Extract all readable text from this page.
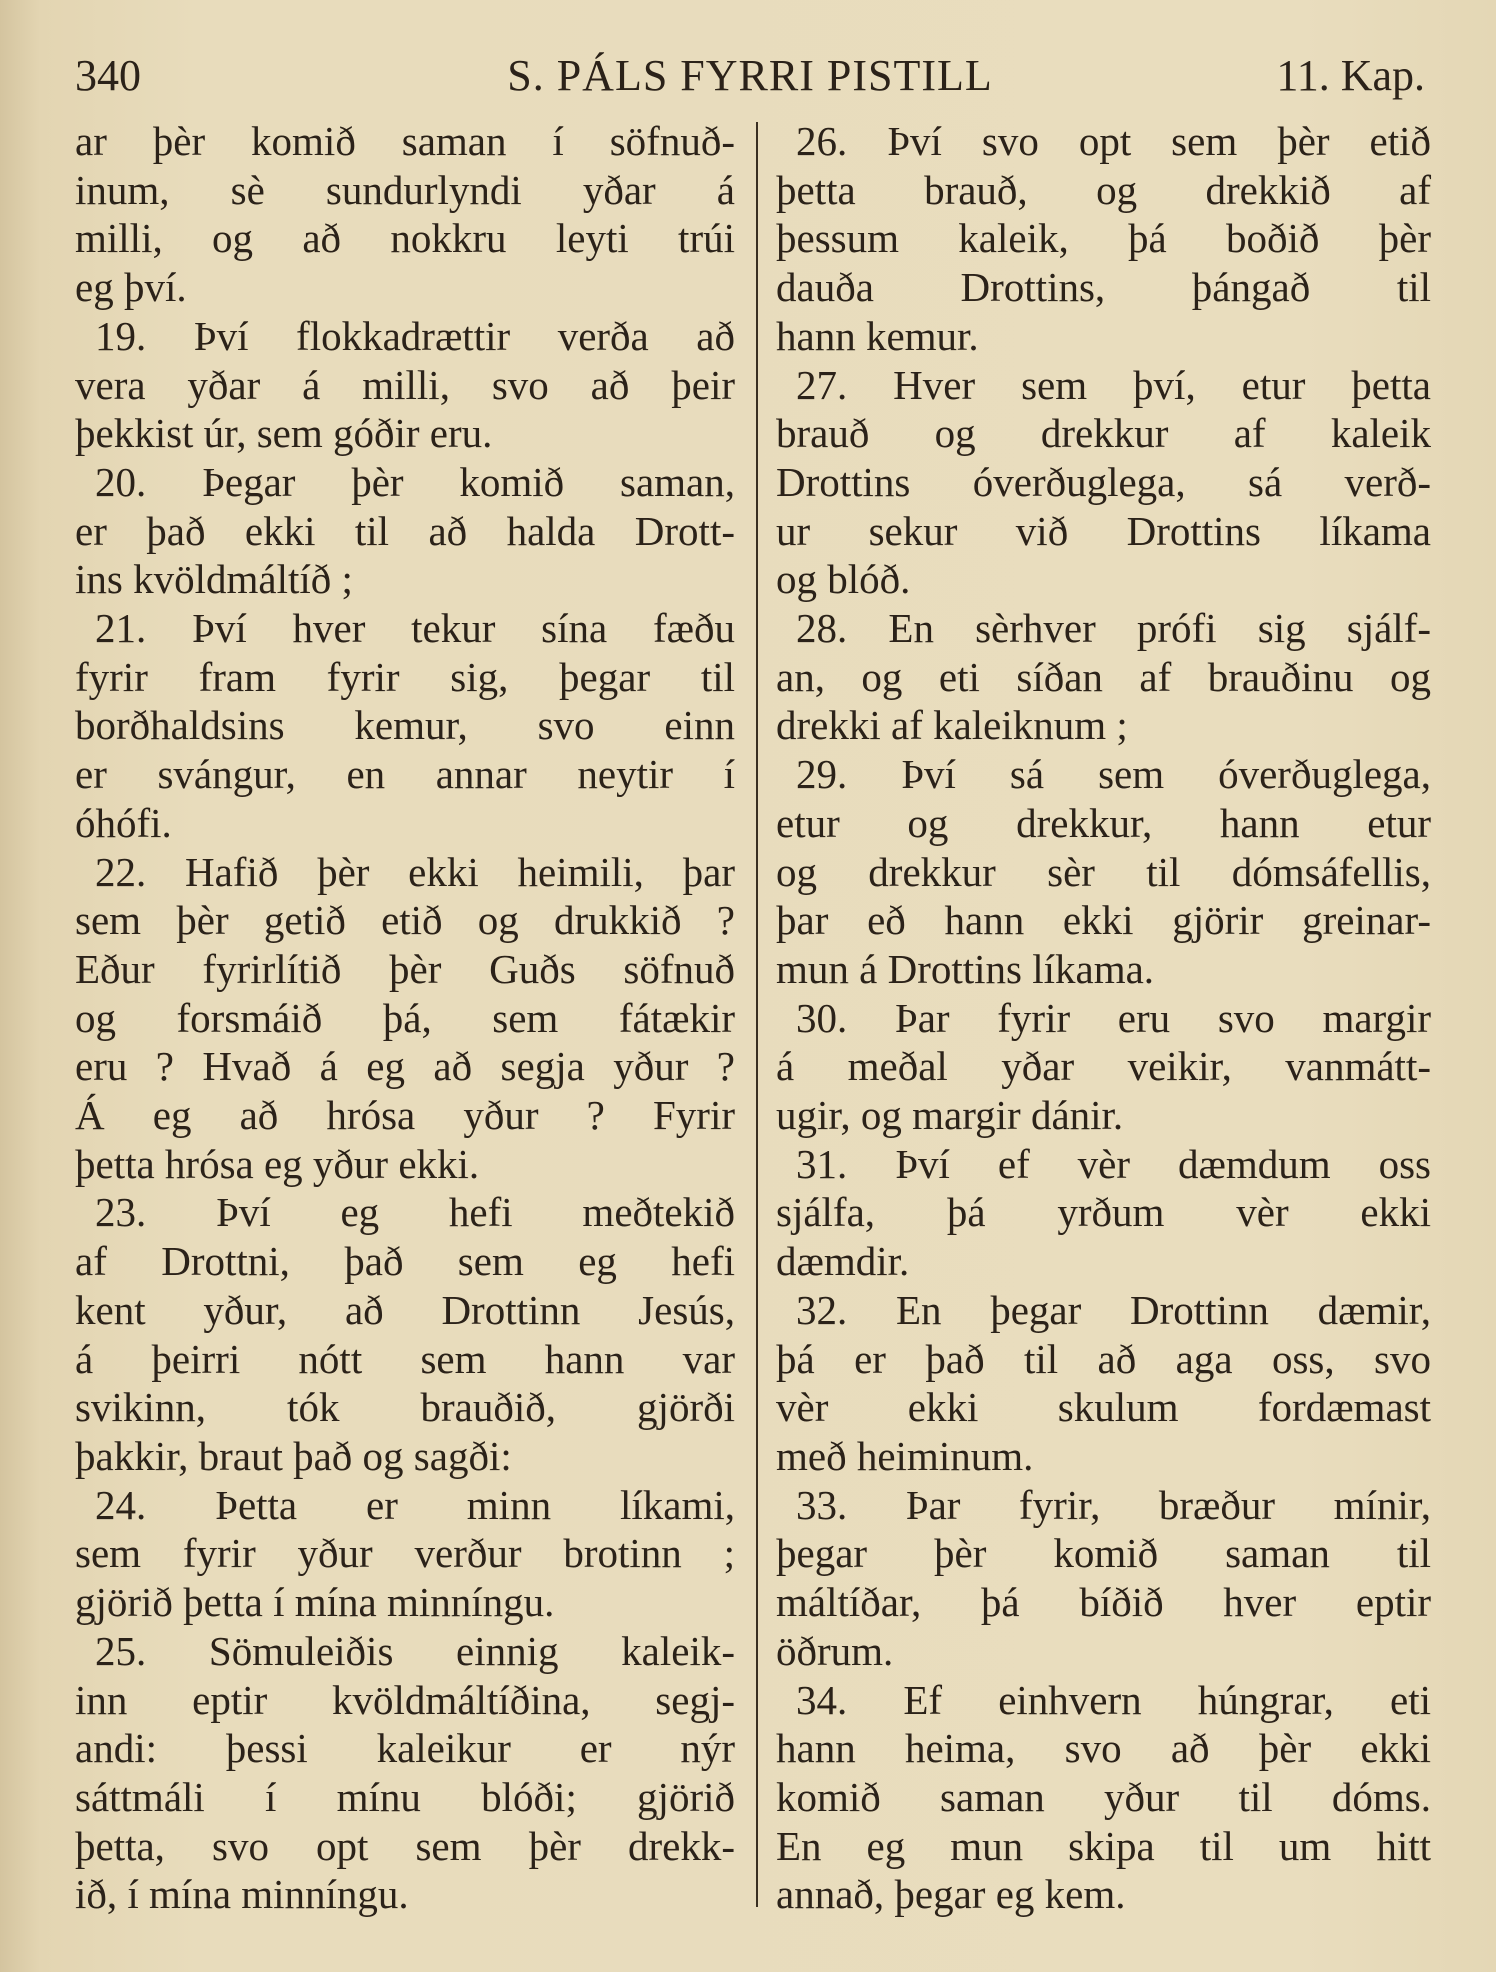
340	S. PÁLS FYRRI PISTILL	11. Kap.
ar þèr komið saman í söfnuð-
inum, sè sundurlyndi yðar á
milli, og að nokkru leyti trúi
eg því.
19. Því flokkadrættir verða að
vera yðar á milli, svo að þeir
þekkist úr, sem góðir eru.
20. Þegar þèr komið saman,
er það ekki til að halda Drott-
ins kvöldmáltíð ;
21. Því hver tekur sína fæðu
fyrir fram fyrir sig, þegar til
borðhaldsins kemur, svo einn
er svángur, en annar neytir í
óhófi.
22. Hafið þèr ekki heimili, þar
sem þèr getið etið og drukkið ?
Eður fyrirlítið þèr Guðs söfnuð
og forsmáið þá, sem fátækir
eru ? Hvað á eg að segja yður ?
Á eg að hrósa yður ? Fyrir
þetta hrósa eg yður ekki.
23. Því eg hefi meðtekið
af Drottni, það sem eg hefi
kent yður, að Drottinn Jesús,
á þeirri nótt sem hann var
svikinn, tók brauðið, gjörði
þakkir, braut það og sagði:
24. Þetta er minn líkami,
sem fyrir yður verður brotinn ;
gjörið þetta í mína minníngu.
25. Sömuleiðis einnig kaleik-
inn eptir kvöldmáltíðina, segj-
andi: þessi kaleikur er nýr
sáttmáli í mínu blóði; gjörið
þetta, svo opt sem þèr drekk-
ið, í mína minníngu.
26. Því svo opt sem þèr etið
þetta brauð, og drekkið af
þessum kaleik, þá boðið þèr
dauða Drottins, þángað til
hann kemur.
27. Hver sem því, etur þetta
brauð og drekkur af kaleik
Drottins óverðuglega, sá verð-
ur sekur við Drottins líkama
og blóð.
28. En sèrhver prófi sig sjálf-
an, og eti síðan af brauðinu og
drekki af kaleiknum ;
29. Því sá sem óverðuglega,
etur og drekkur, hann etur
og drekkur sèr til dómsáfellis,
þar eð hann ekki gjörir greinar-
mun á Drottins líkama.
30. Þar fyrir eru svo margir
á meðal yðar veikir, vanmátt-
ugir, og margir dánir.
31. Því ef vèr dæmdum oss
sjálfa, þá yrðum vèr ekki
dæmdir.
32. En þegar Drottinn dæmir,
þá er það til að aga oss, svo
vèr ekki skulum fordæmast
með heiminum.
33. Þar fyrir, bræður mínir,
þegar þèr komið saman til
máltíðar, þá bíðið hver eptir
öðrum.
34. Ef einhvern húngrar, eti
hann heima, svo að þèr ekki
komið saman yður til dóms.
En eg mun skipa til um hitt
annað, þegar eg kem.
